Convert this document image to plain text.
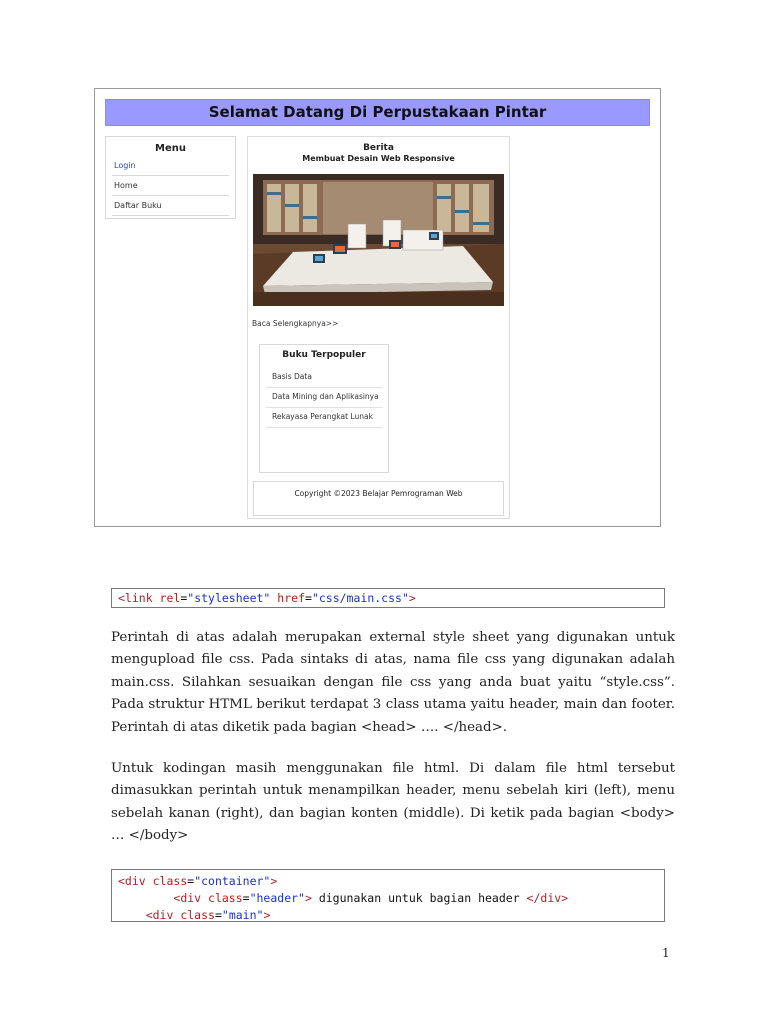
Selamat Datang Di Perpustakaan Pintar
Menu
Login
Home
Daftar Buku
Berita
Membuat Desain Web Responsive
Baca Selengkapnya>>
Buku Terpopuler
Basis Data
Data Mining dan Aplikasinya
Rekayasa Perangkat Lunak
Copyright ©2023 Belajar Pemrograman Web
<link rel="stylesheet" href="css/main.css">

Perintah di atas adalah merupakan external style sheet yang digunakan untuk mengupload file css. Pada sintaks di atas, nama file css yang digunakan adalah main.css. Silahkan sesuaikan dengan file css yang anda buat yaitu “style.css”. Pada struktur HTML berikut terdapat 3 class utama yaitu header, main dan footer. Perintah di atas diketik pada bagian <head> …. </head>.

Untuk kodingan masih menggunakan file html. Di dalam file html tersebut dimasukkan perintah untuk menampilkan header, menu sebelah kiri (left), menu sebelah kanan (right), dan bagian konten (middle). Di ketik pada bagian <body> … </body>

<div class="container">
<div class="header"> digunakan untuk bagian header </div>
<div class="main">
1
